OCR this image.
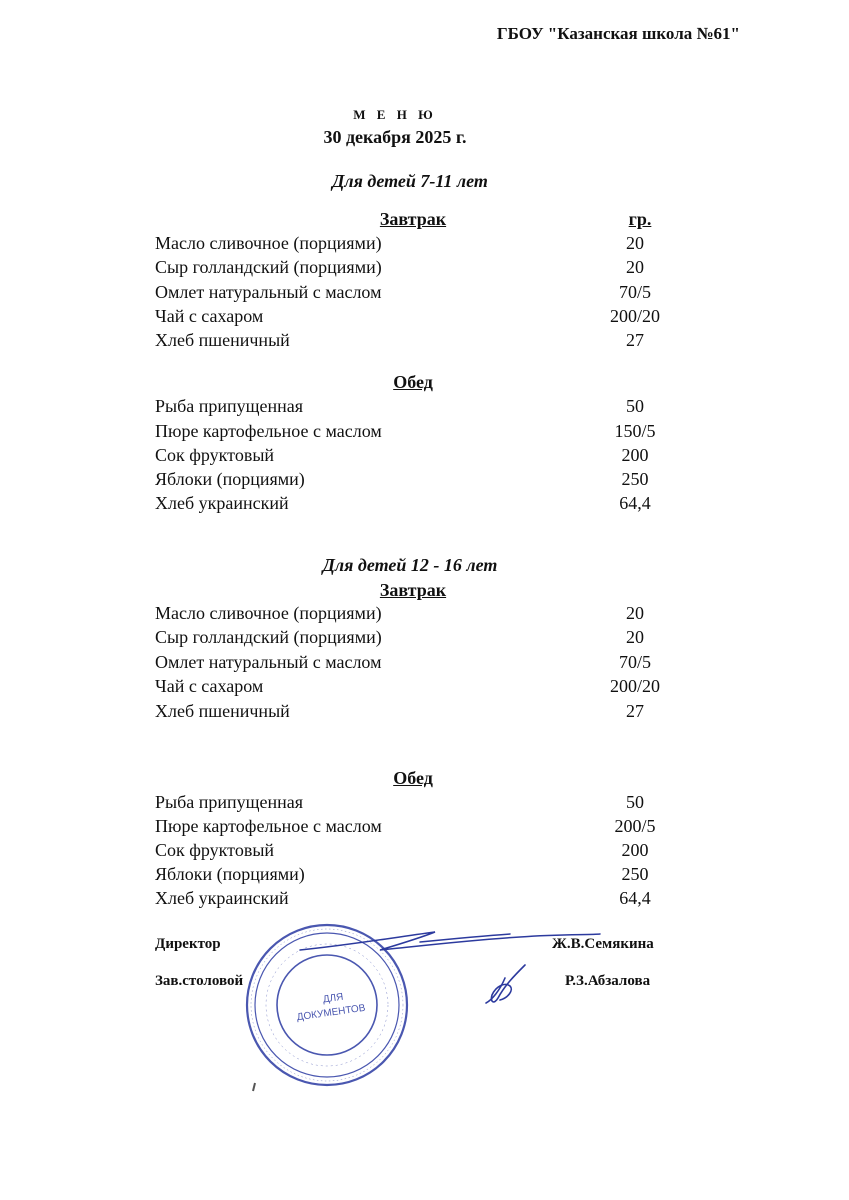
ГБОУ "Казанская школа №61"
М Е Н Ю
30 декабря 2025 г.
Для детей 7-11 лет
Завтрак	гр.
Масло сливочное (порциями)	20
Сыр голландский (порциями)	20
Омлет натуральный с маслом	70/5
Чай с сахаром	200/20
Хлеб пшеничный	27
Обед
Рыба припущенная	50
Пюре картофельное с маслом	150/5
Сок фруктовый	200
Яблоки (порциями)	250
Хлеб украинский	64,4
Для детей 12 - 16 лет
Завтрак
Масло сливочное (порциями)	20
Сыр голландский (порциями)	20
Омлет натуральный с маслом	70/5
Чай с сахаром	200/20
Хлеб пшеничный	27
Обед
Рыба припущенная	50
Пюре картофельное с маслом	200/5
Сок фруктовый	200
Яблоки (порциями)	250
Хлеб украинский	64,4
ДЛЯ
ДОКУМЕНТОВ
Директор	Ж.В.Семякина
Зав.столовой	Р.З.Абзалова
